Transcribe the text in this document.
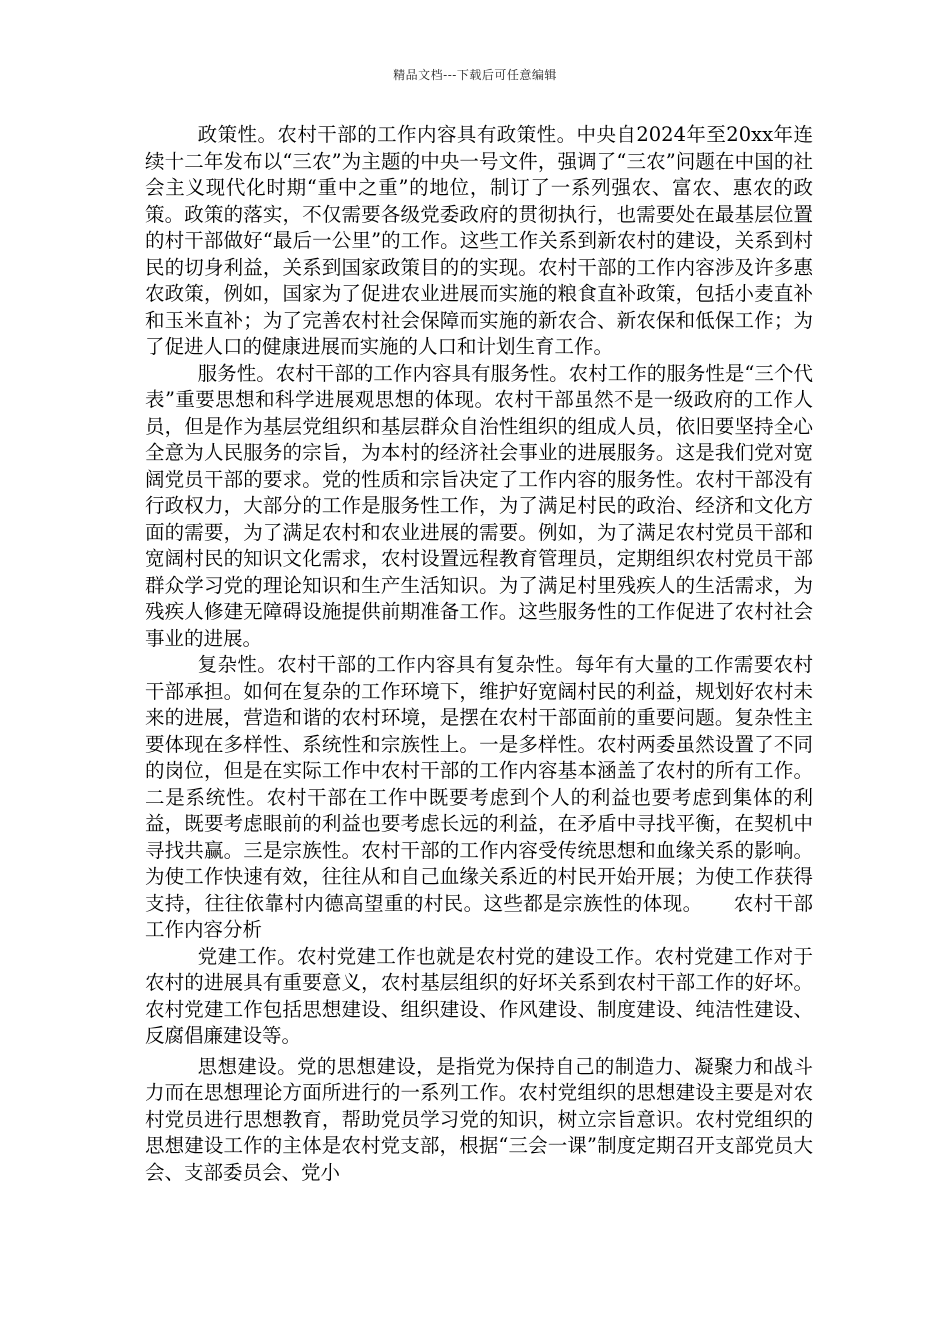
精品文档---下载后可任意编辑

政策性。农村干部的工作内容具有政策性。中央自2024年至20xx年连续十二年发布以“三农”为主题的中央一号文件，强调了“三农”问题在中国的社会主义现代化时期“重中之重”的地位，制订了一系列强农、富农、惠农的政策。政策的落实，不仅需要各级党委政府的贯彻执行，也需要处在最基层位置的村干部做好“最后一公里”的工作。这些工作关系到新农村的建设，关系到村民的切身利益，关系到国家政策目的的实现。农村干部的工作内容涉及许多惠农政策，例如，国家为了促进农业进展而实施的粮食直补政策，包括小麦直补和玉米直补；为了完善农村社会保障而实施的新农合、新农保和低保工作；为了促进人口的健康进展而实施的人口和计划生育工作。

服务性。农村干部的工作内容具有服务性。农村工作的服务性是“三个代表”重要思想和科学进展观思想的体现。农村干部虽然不是一级政府的工作人员，但是作为基层党组织和基层群众自治性组织的组成人员，依旧要坚持全心全意为人民服务的宗旨，为本村的经济社会事业的进展服务。这是我们党对宽阔党员干部的要求。党的性质和宗旨决定了工作内容的服务性。农村干部没有行政权力，大部分的工作是服务性工作，为了满足村民的政治、经济和文化方面的需要，为了满足农村和农业进展的需要。例如，为了满足农村党员干部和宽阔村民的知识文化需求，农村设置远程教育管理员，定期组织农村党员干部群众学习党的理论知识和生产生活知识。为了满足村里残疾人的生活需求，为残疾人修建无障碍设施提供前期准备工作。这些服务性的工作促进了农村社会事业的进展。

复杂性。农村干部的工作内容具有复杂性。每年有大量的工作需要农村干部承担。如何在复杂的工作环境下，维护好宽阔村民的利益，规划好农村未来的进展，营造和谐的农村环境，是摆在农村干部面前的重要问题。复杂性主要体现在多样性、系统性和宗族性上。一是多样性。农村两委虽然设置了不同的岗位，但是在实际工作中农村干部的工作内容基本涵盖了农村的所有工作。二是系统性。农村干部在工作中既要考虑到个人的利益也要考虑到集体的利益，既要考虑眼前的利益也要考虑长远的利益，在矛盾中寻找平衡，在契机中寻找共赢。三是宗族性。农村干部的工作内容受传统思想和血缘关系的影响。为使工作快速有效，往往从和自己血缘关系近的村民开始开展；为使工作获得支持，往往依靠村内德高望重的村民。这些都是宗族性的体现。 农村干部工作内容分析

党建工作。农村党建工作也就是农村党的建设工作。农村党建工作对于农村的进展具有重要意义，农村基层组织的好坏关系到农村干部工作的好坏。农村党建工作包括思想建设、组织建设、作风建设、制度建设、纯洁性建设、反腐倡廉建设等。

思想建设。党的思想建设，是指党为保持自己的制造力、凝聚力和战斗力而在思想理论方面所进行的一系列工作。农村党组织的思想建设主要是对农村党员进行思想教育，帮助党员学习党的知识，树立宗旨意识。农村党组织的思想建设工作的主体是农村党支部，根据“三会一课”制度定期召开支部党员大会、支部委员会、党小
